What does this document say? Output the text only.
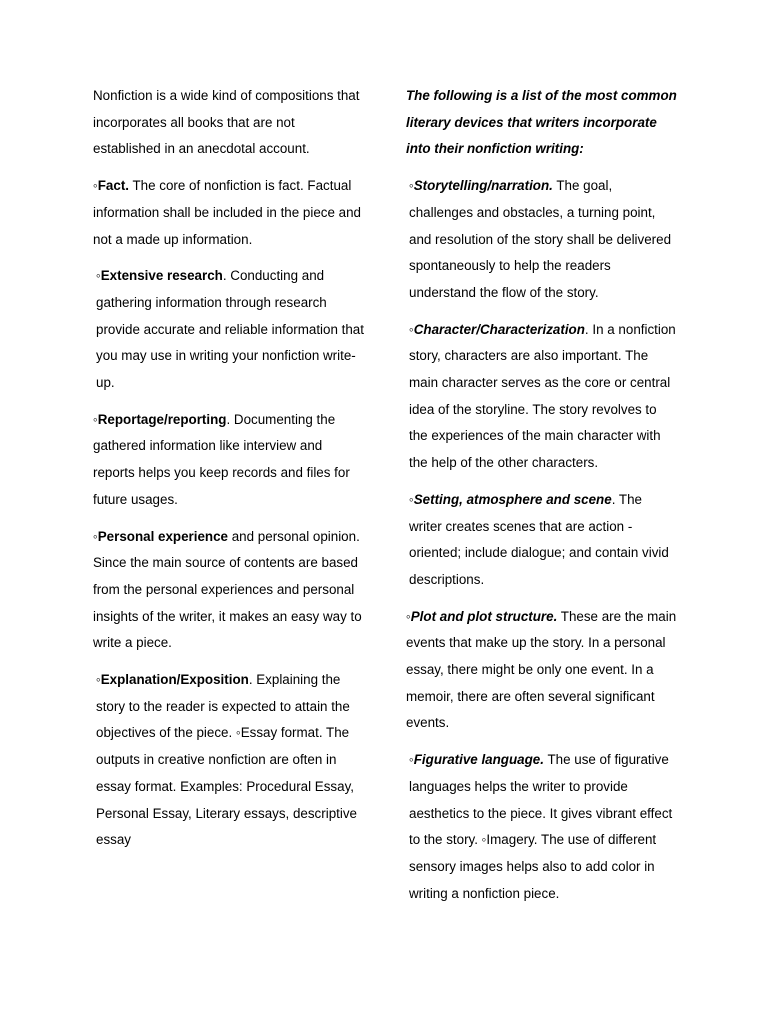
Nonfiction is a wide kind of compositions that incorporates all books that are not established in an anecdotal account.

◦Fact. The core of nonfiction is fact. Factual information shall be included in the piece and not a made up information.

◦Extensive research. Conducting and gathering information through research provide accurate and reliable information that you may use in writing your nonfiction write-up.

◦Reportage/reporting. Documenting the gathered information like interview and reports helps you keep records and files for future usages.

◦Personal experience and personal opinion. Since the main source of contents are based from the personal experiences and personal insights of the writer, it makes an easy way to write a piece.

◦Explanation/Exposition. Explaining the story to the reader is expected to attain the objectives of the piece. ◦Essay format. The outputs in creative nonfiction are often in essay format. Examples: Procedural Essay, Personal Essay, Literary essays, descriptive essay

The following is a list of the most common literary devices that writers incorporate into their nonfiction writing:

◦Storytelling/narration. The goal, challenges and obstacles, a turning point, and resolution of the story shall be delivered spontaneously to help the readers understand the flow of the story.

◦Character/Characterization. In a nonfiction story, characters are also important. The main character serves as the core or central idea of the storyline. The story revolves to the experiences of the main character with the help of the other characters.

◦Setting, atmosphere and scene. The writer creates scenes that are action -oriented; include dialogue; and contain vivid descriptions.

◦Plot and plot structure. These are the main events that make up the story. In a personal essay, there might be only one event. In a memoir, there are often several significant events.

◦Figurative language. The use of figurative languages helps the writer to provide aesthetics to the piece. It gives vibrant effect to the story. ◦Imagery. The use of different sensory images helps also to add color in writing a nonfiction piece.
